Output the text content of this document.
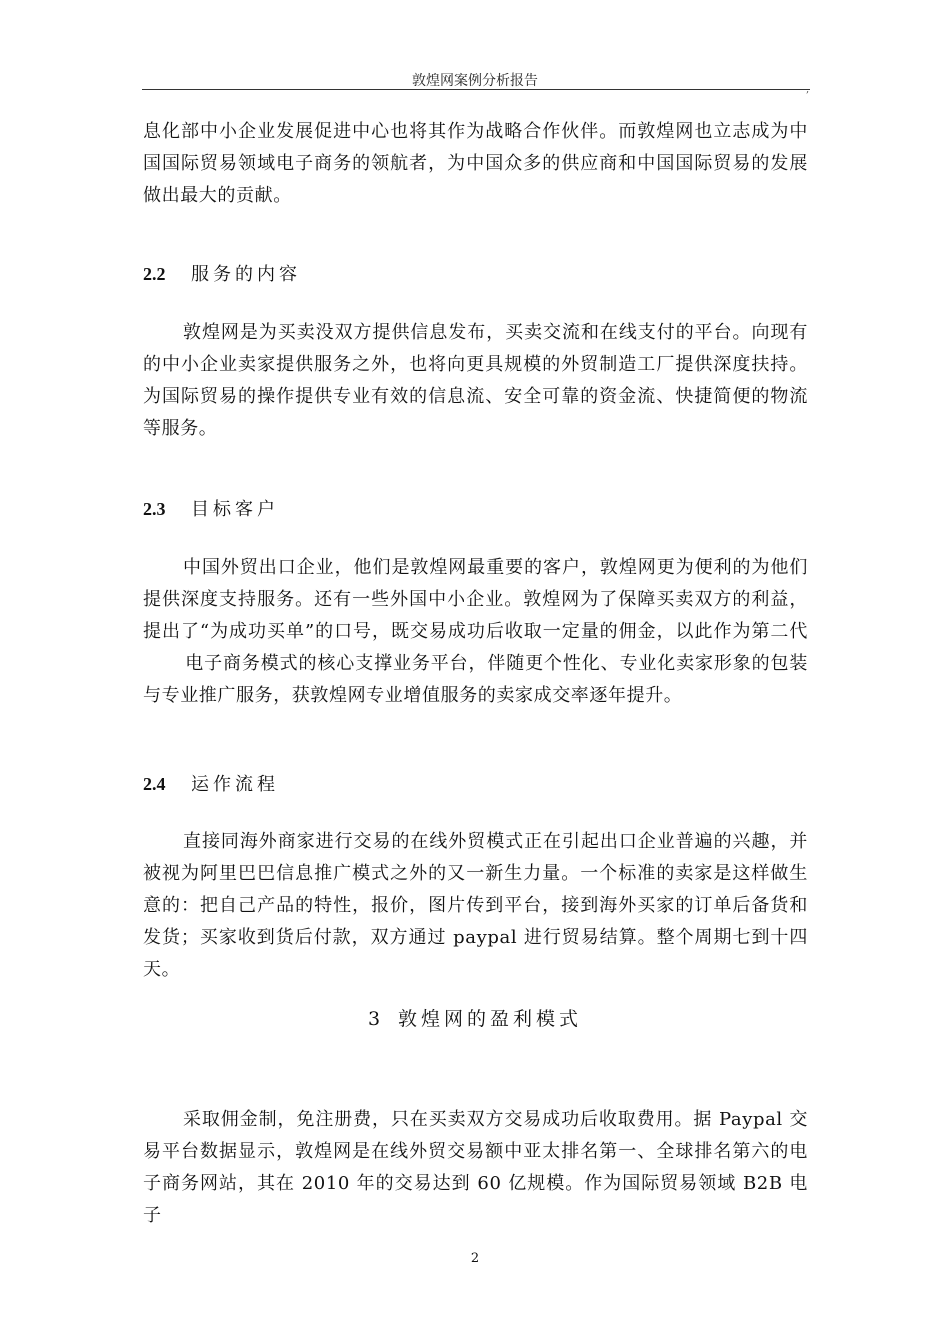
敦煌网案例分析报告
,

息化部中小企业发展促进中心也将其作为战略合作伙伴。而敦煌网也立志成为中国国际贸易领域电子商务的领航者，为中国众多的供应商和中国国际贸易的发展做出最大的贡献。

2.2 服务的内容

敦煌网是为买卖没双方提供信息发布，买卖交流和在线支付的平台。向现有的中小企业卖家提供服务之外，也将向更具规模的外贸制造工厂提供深度扶持。为国际贸易的操作提供专业有效的信息流、安全可靠的资金流、快捷简便的物流等服务。

2.3 目标客户
中国外贸出口企业，他们是敦煌网最重要的客户，敦煌网更为便利的为他们提供深度支持服务。还有一些外国中小企业。敦煌网为了保障买卖双方的利益，提出了“为成功买单”的口号，既交易成功后收取一定量的佣金，以此作为第二代电子商务模式的核心支撑业务平台，伴随更个性化、专业化卖家形象的包装与专业推广服务，获敦煌网专业增值服务的卖家成交率逐年提升。
2.4 运作流程

直接同海外商家进行交易的在线外贸模式正在引起出口企业普遍的兴趣，并被视为阿里巴巴信息推广模式之外的又一新生力量。一个标准的卖家是这样做生意的：把自己产品的特性，报价，图片传到平台，接到海外买家的订单后备货和发货；买家收到货后付款，双方通过 paypal 进行贸易结算。整个周期七到十四天。

3 敦煌网的盈利模式

采取佣金制，免注册费，只在买卖双方交易成功后收取费用。据 Paypal 交易平台数据显示，敦煌网是在线外贸交易额中亚太排名第一、全球排名第六的电子商务网站，其在 2010 年的交易达到 60 亿规模。作为国际贸易领域 B2B 电子

2
